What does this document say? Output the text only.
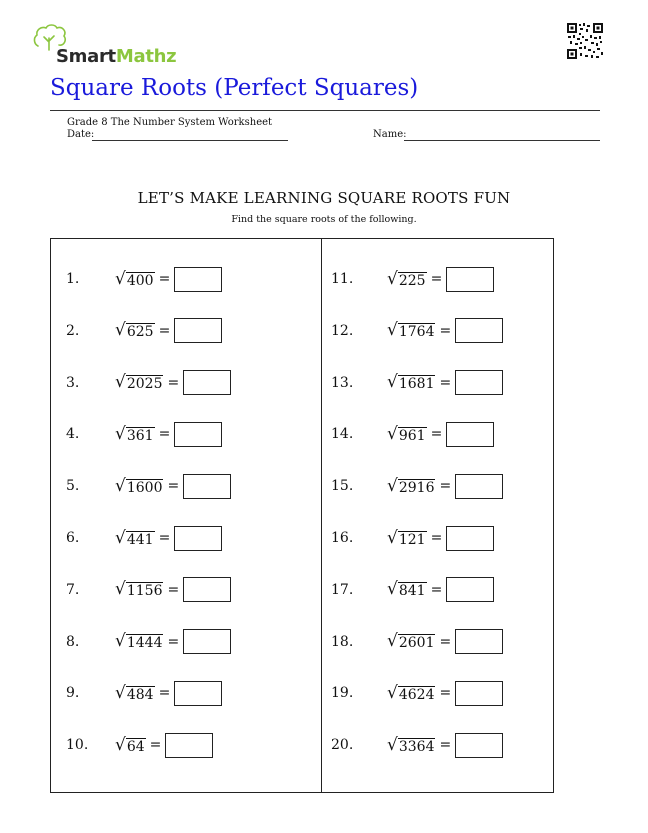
SmartMathz
Square Roots (Perfect Squares)
Grade 8 The Number System Worksheet
Date:	Name:
LET’S MAKE LEARNING SQUARE ROOTS FUN
Find the square roots of the following.
1. √ 400 =
2. √ 625 =
3. √ 2025 =
4. √ 361 =
5. √ 1600 =
6. √ 441 =
7. √ 1156 =
8. √ 1444 =
9. √ 484 =
10. √ 64 =
11. √ 225 =
12. √ 1764 =
13. √ 1681 =
14. √ 961 =
15. √ 2916 =
16. √ 121 =
17. √ 841 =
18. √ 2601 =
19. √ 4624 =
20. √ 3364 =
